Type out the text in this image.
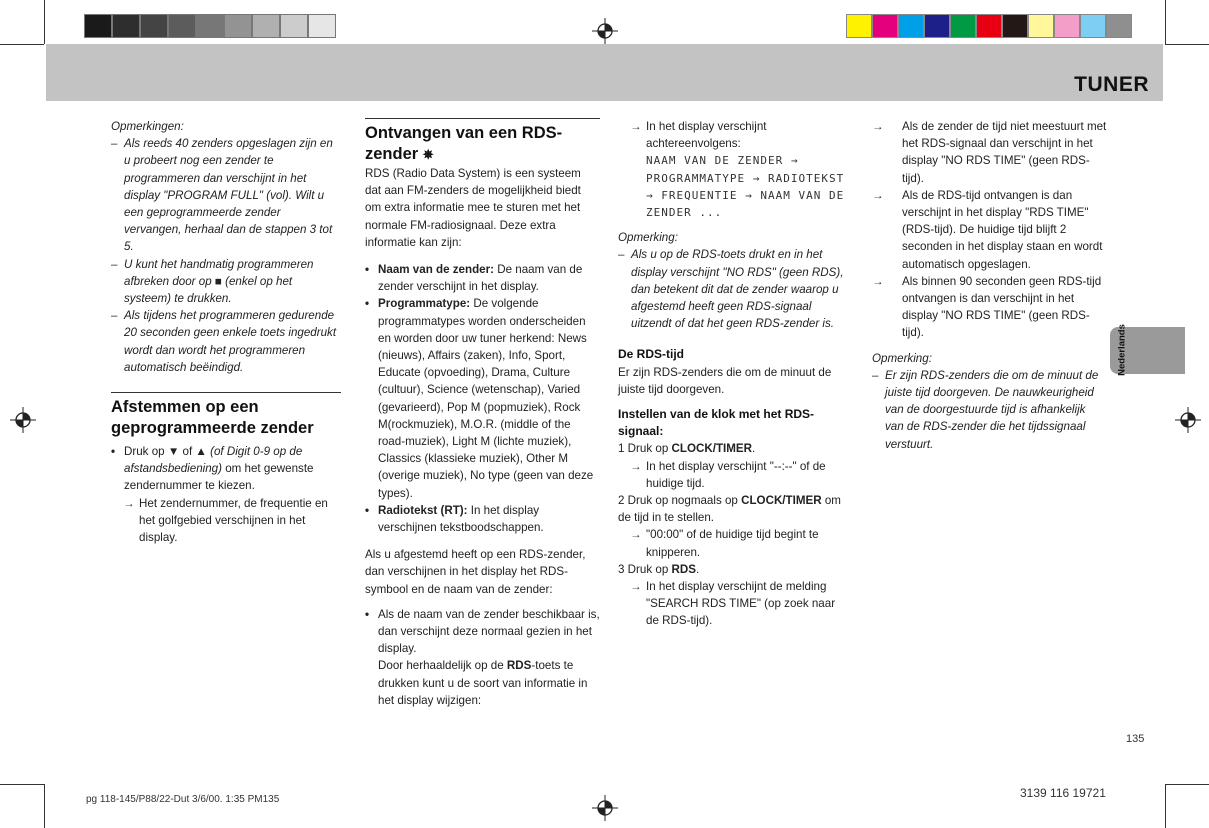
TUNER

Opmerkingen:

– Als reeds 40 zenders opgeslagen zijn en u probeert nog een zender te programmeren dan verschijnt in het display "PROGRAM FULL" (vol). Wilt u een geprogrammeerde zender vervangen, herhaal dan de stappen 3 tot 5.
– U kunt het handmatig programmeren afbreken door op ■ (enkel op het systeem) te drukken.
– Als tijdens het programmeren gedurende 20 seconden geen enkele toets ingedrukt wordt dan wordt het programmeren automatisch beëindigd.

Afstemmen op een geprogrammeerde zender

• Druk op ▼ of ▲ (of Digit 0-9 op de afstandsbediening) om het gewenste zendernummer te kiezen.

→ Het zendernummer, de frequentie en het golfgebied verschijnen in het display.

Ontvangen van een RDS-zender ✵

RDS (Radio Data System) is een systeem dat aan FM-zenders de mogelijkheid biedt om extra informatie mee te sturen met het normale FM-radiosignaal. Deze extra informatie kan zijn:

• Naam van de zender: De naam van de zender verschijnt in het display.
• Programmatype: De volgende programmatypes worden onderscheiden en worden door uw tuner herkend: News (nieuws), Affairs (zaken), Info, Sport, Educate (opvoeding), Drama, Culture (cultuur), Science (wetenschap), Varied (gevarieerd), Pop M (popmuziek), Rock M(rockmuziek), M.O.R. (middle of the road-muziek), Light M (lichte muziek), Classics (klassieke muziek), Other M (overige muziek), No type (geen van deze types).
• Radiotekst (RT): In het display verschijnen tekstboodschappen.

Als u afgestemd heeft op een RDS-zender, dan verschijnen in het display het RDS-symbool en de naam van de zender:

• Als de naam van de zender beschikbaar is, dan verschijnt deze normaal gezien in het display.
Door herhaaldelijk op de RDS-toets te drukken kunt u de soort van informatie in het display wijzigen:

→ In het display verschijnt achtereenvolgens:

NAAM VAN DE ZENDER → PROGRAMMATYPE → RADIOTEKST → FREQUENTIE → NAAM VAN DE ZENDER ...

Opmerking:

– Als u op de RDS-toets drukt en in het display verschijnt "NO RDS" (geen RDS), dan betekent dit dat de zender waarop u afgestemd heeft geen RDS-signaal uitzendt of dat het geen RDS-zender is.

De RDS-tijd

Er zijn RDS-zenders die om de minuut de juiste tijd doorgeven.

Instellen van de klok met het RDS-signaal:

1 Druk op CLOCK/TIMER.

→ In het display verschijnt "--:--" of de huidige tijd.

2 Druk op nogmaals op CLOCK/TIMER om de tijd in te stellen.

→ "00:00" of de huidige tijd begint te knipperen.

3 Druk op RDS.

→ In het display verschijnt de melding "SEARCH RDS TIME" (op zoek naar de RDS-tijd).

→ Als de zender de tijd niet meestuurt met het RDS-signaal dan verschijnt in het display "NO RDS TIME" (geen RDS-tijd).
→ Als de RDS-tijd ontvangen is dan verschijnt in het display "RDS TIME" (RDS-tijd). De huidige tijd blijft 2 seconden in het display staan en wordt automatisch opgeslagen.
→ Als binnen 90 seconden geen RDS-tijd ontvangen is dan verschijnt in het display "NO RDS TIME" (geen RDS-tijd).

Opmerking:

– Er zijn RDS-zenders die om de minuut de juiste tijd doorgeven. De nauwkeurigheid van de doorgestuurde tijd is afhankelijk van de RDS-zender die het tijdssignaal verstuurt.
Nederlands
135
pg 118-145/P88/22-Dut 3/6/00. 1:35 PM135	3139 116 19721
